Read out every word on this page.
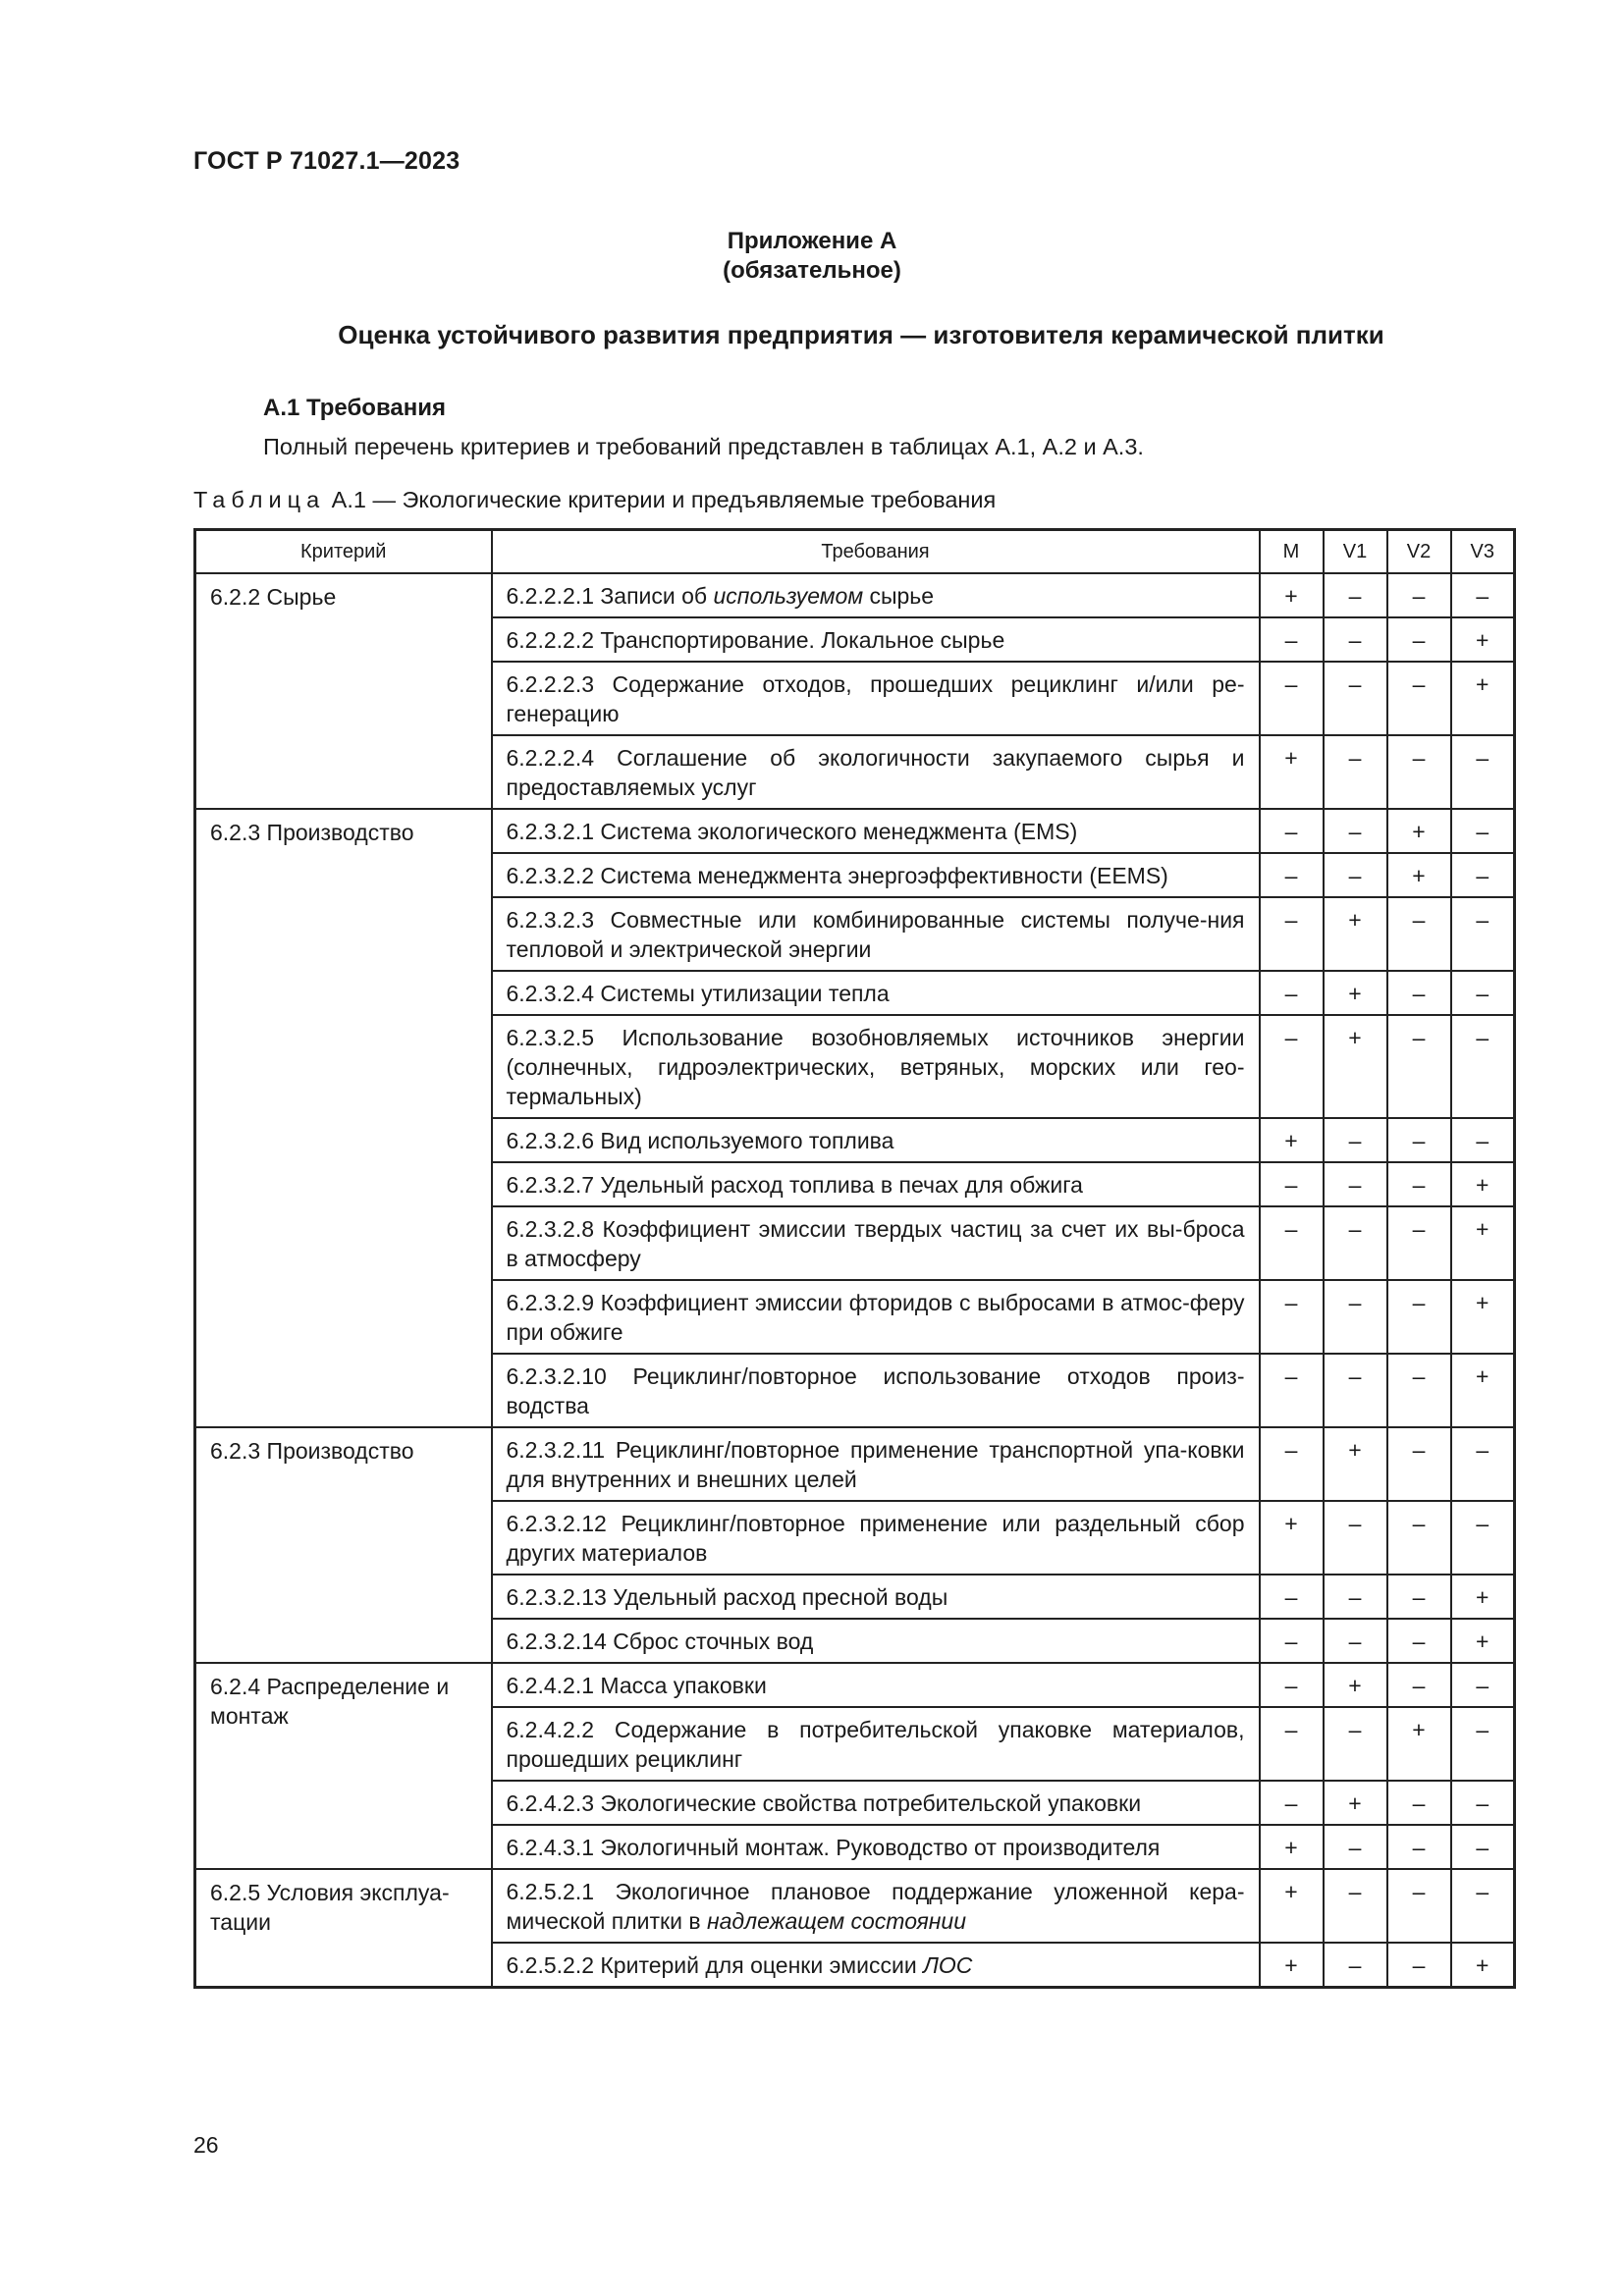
ГОСТ Р 71027.1—2023
Приложение А
(обязательное)
Оценка устойчивого развития предприятия — изготовителя керамической плитки
А.1 Требования
Полный перечень критериев и требований представлен в таблицах А.1, А.2 и А.3.
Таблица А.1 — Экологические критерии и предъявляемые требования
Критерий	Требования	M	V1	V2	V3
6.2.2 Сырье	6.2.2.2.1 Записи об используемом сырье	+	–	–	–
	6.2.2.2.2 Транспортирование. Локальное сырье	–	–	–	+
	6.2.2.2.3 Содержание отходов, прошедших рециклинг и/или ре-генерацию	–	–	–	+
	6.2.2.2.4 Соглашение об экологичности закупаемого сырья и предоставляемых услуг	+	–	–	–
6.2.3 Производство	6.2.3.2.1 Система экологического менеджмента (EMS)	–	–	+	–
	6.2.3.2.2 Система менеджмента энергоэффективности (EEMS)	–	–	+	–
	6.2.3.2.3 Совместные или комбинированные системы получе-ния тепловой и электрической энергии	–	+	–	–
	6.2.3.2.4 Системы утилизации тепла	–	+	–	–
	6.2.3.2.5 Использование возобновляемых источников энергии (солнечных, гидроэлектрических, ветряных, морских или гео-термальных)	–	+	–	–
	6.2.3.2.6 Вид используемого топлива	+	–	–	–
	6.2.3.2.7 Удельный расход топлива в печах для обжига	–	–	–	+
	6.2.3.2.8 Коэффициент эмиссии твердых частиц за счет их вы-броса в атмосферу	–	–	–	+
	6.2.3.2.9 Коэффициент эмиссии фторидов с выбросами в атмос-феру при обжиге	–	–	–	+
	6.2.3.2.10 Рециклинг/повторное использование отходов произ-водства	–	–	–	+
6.2.3 Производство	6.2.3.2.11 Рециклинг/повторное применение транспортной упа-ковки для внутренних и внешних целей	–	+	–	–
	6.2.3.2.12 Рециклинг/повторное применение или раздельный сбор других материалов	+	–	–	–
	6.2.3.2.13 Удельный расход пресной воды	–	–	–	+
	6.2.3.2.14 Сброс сточных вод	–	–	–	+
6.2.4 Распределение и монтаж	6.2.4.2.1 Масса упаковки	–	+	–	–
	6.2.4.2.2 Содержание в потребительской упаковке материалов, прошедших рециклинг	–	–	+	–
	6.2.4.2.3 Экологические свойства потребительской упаковки	–	+	–	–
	6.2.4.3.1 Экологичный монтаж. Руководство от производителя	+	–	–	–
6.2.5 Условия эксплуа-тации	6.2.5.2.1 Экологичное плановое поддержание уложенной кера-мической плитки в надлежащем состоянии	+	–	–	–
	6.2.5.2.2 Критерий для оценки эмиссии ЛОС	+	–	–	+
26
